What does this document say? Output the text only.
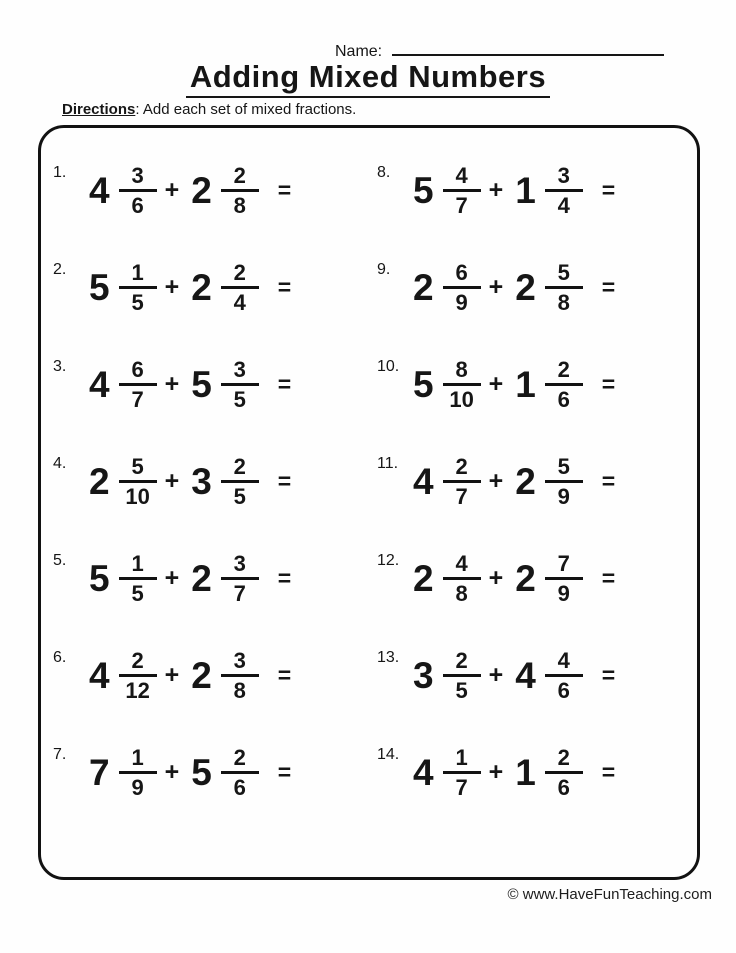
Name:
Adding Mixed Numbers
Directions: Add each set of mixed fractions.
1. $4 \frac{3}{6} + 2 \frac{2}{8}$ =
2. $5 \frac{1}{5} + 2 \frac{2}{4}$ =
3. $4 \frac{6}{7} + 5 \frac{3}{5}$ =
4. $2 \frac{5}{10} + 3 \frac{2}{5}$ =
5. $5 \frac{1}{5} + 2 \frac{3}{7}$ =
6. $4 \frac{2}{12} + 2 \frac{3}{8}$ =
7. $7 \frac{1}{9} + 5 \frac{2}{6}$ =
8. $5 \frac{4}{7} + 1 \frac{3}{4}$ =
9. $2 \frac{6}{9} + 2 \frac{5}{8}$ =
10. $5 \frac{8}{10} + 1 \frac{2}{6}$ =
11. $4 \frac{2}{7} + 2 \frac{5}{9}$ =
12. $2 \frac{4}{8} + 2 \frac{7}{9}$ =
13. $3 \frac{2}{5} + 4 \frac{4}{6}$ =
14. $4 \frac{1}{7} + 1 \frac{2}{6}$ =
© www.HaveFunTeaching.com
